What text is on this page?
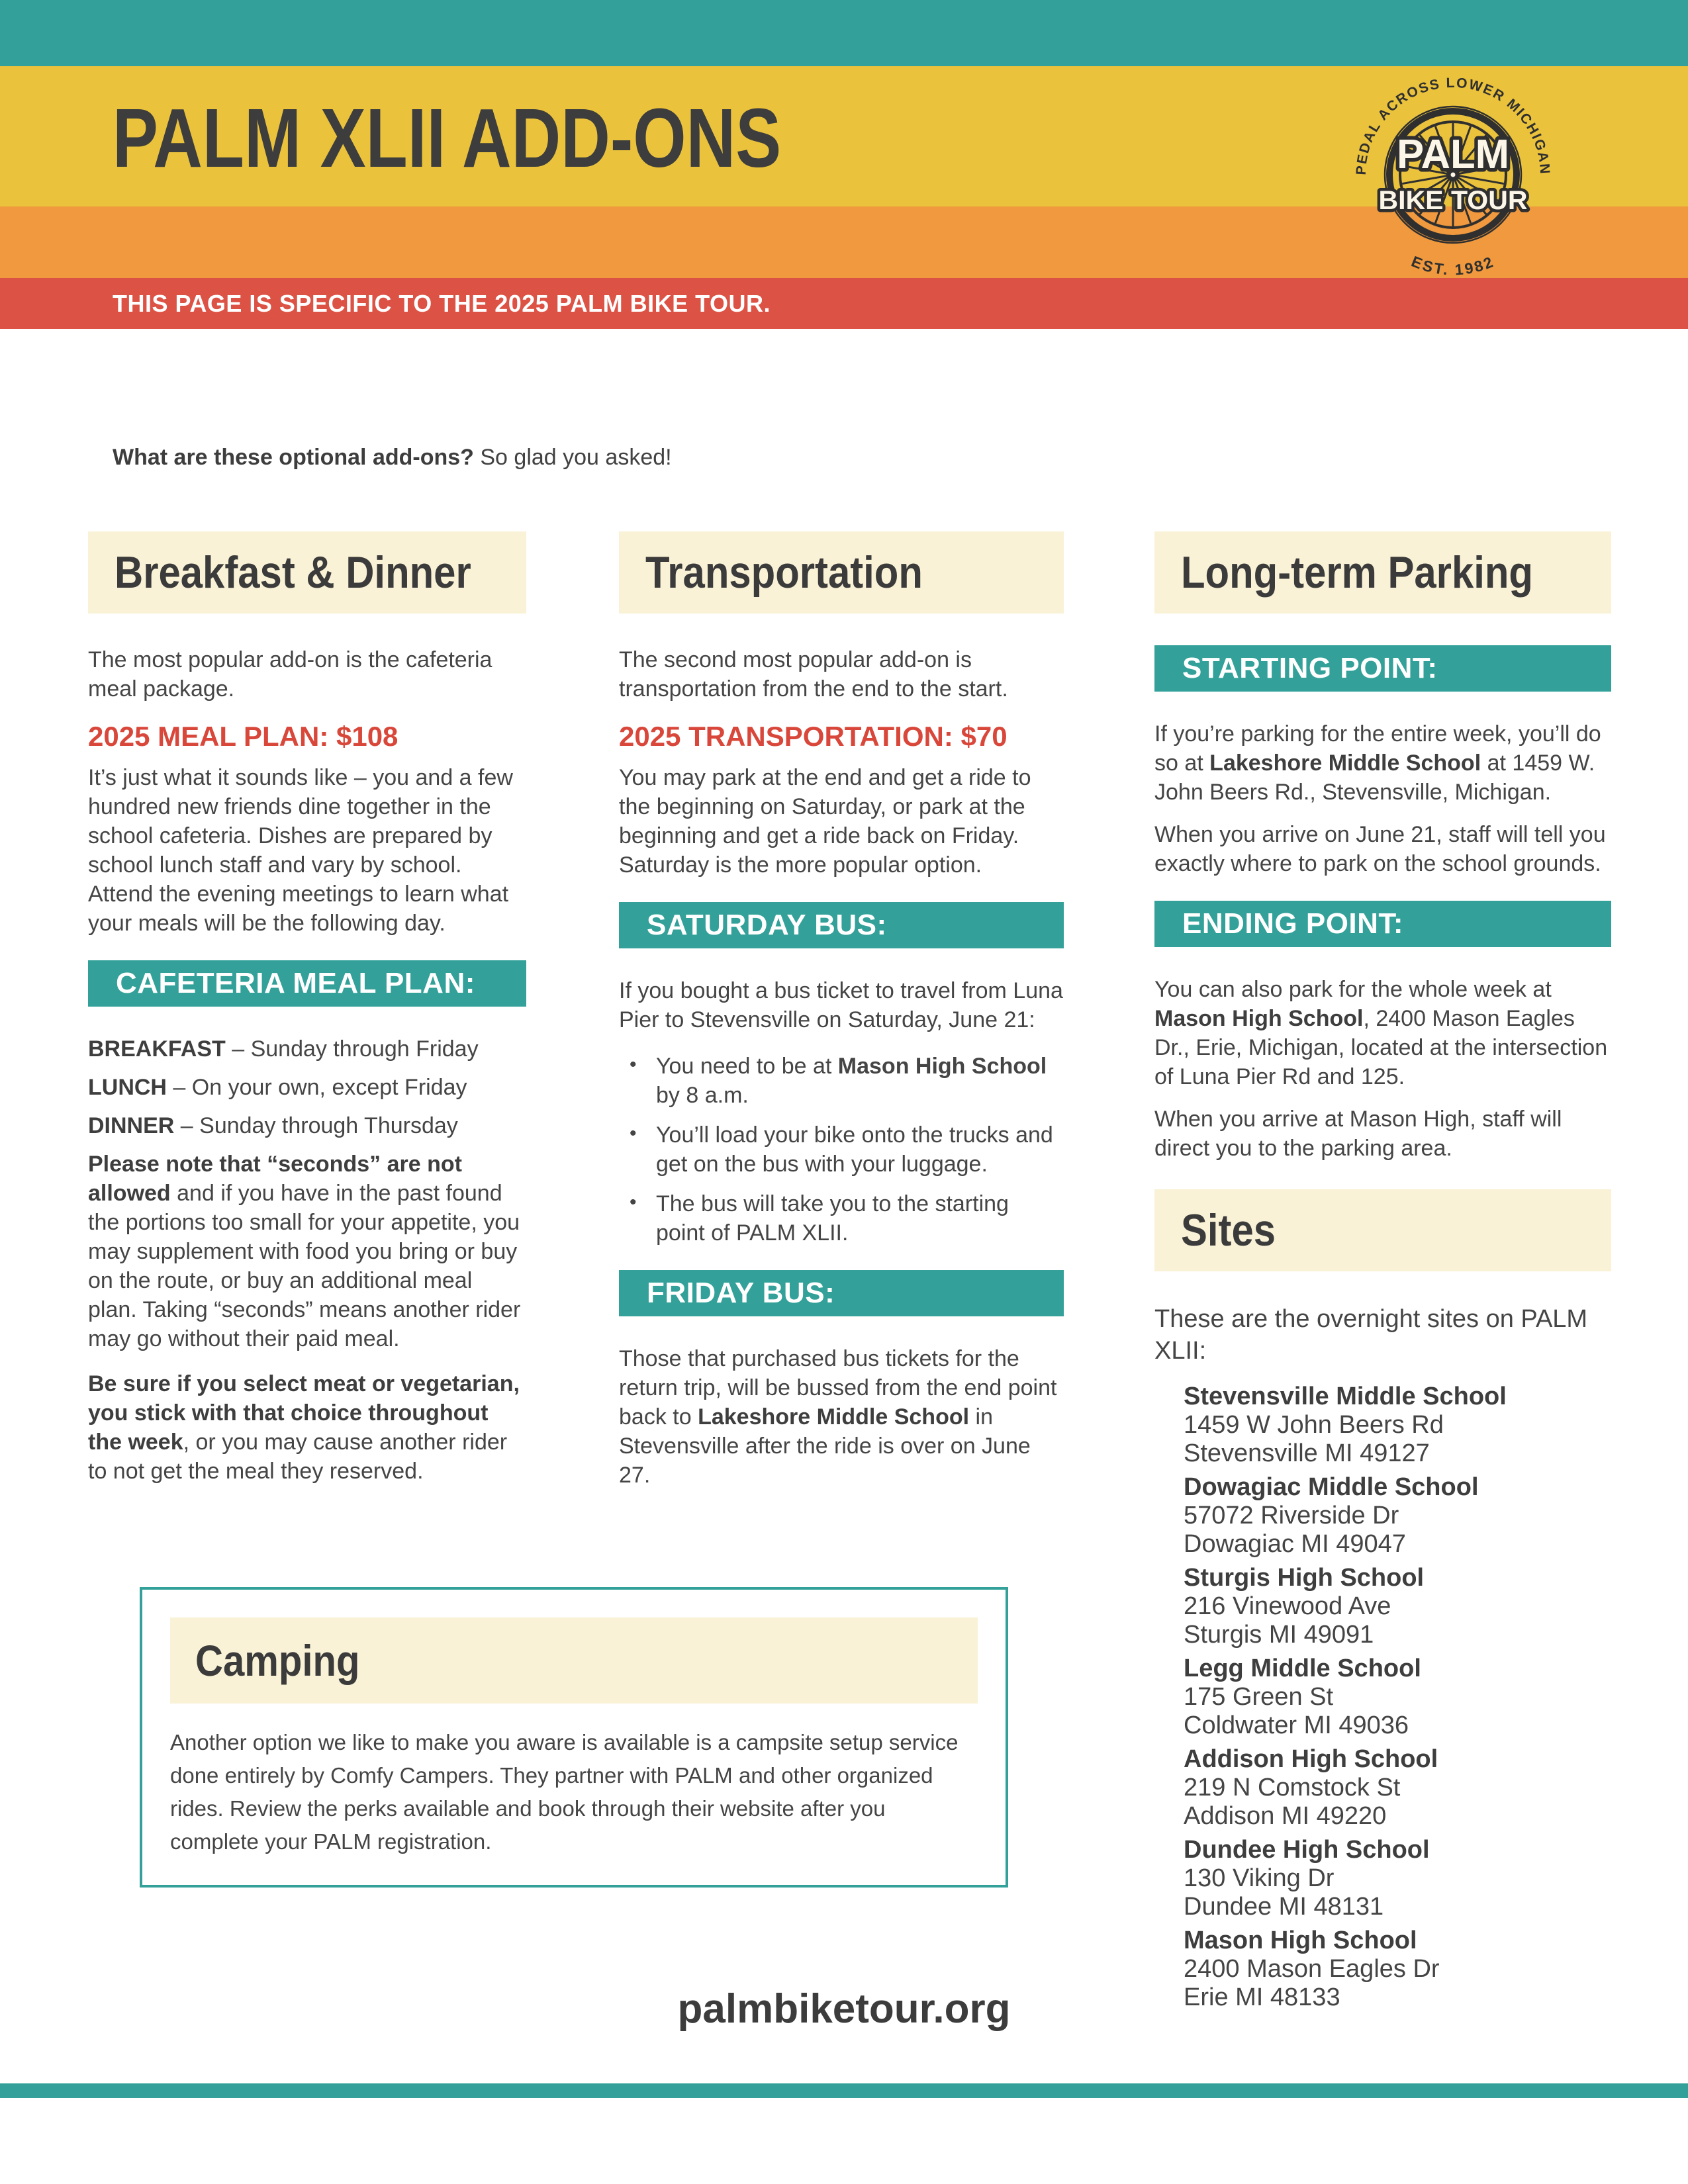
PALM XLII ADD-ONS
THIS PAGE IS SPECIFIC TO THE 2025 PALM BIKE TOUR.
PEDAL ACROSS LOWER MICHIGAN
PALM
BIKE TOUR
EST. 1982

What are these optional add-ons? So glad you asked!

Breakfast & Dinner

The most popular add-on is the cafeteria meal package.

2025 MEAL PLAN: $108

It’s just what it sounds like – you and a few hundred new friends dine together in the school cafeteria. Dishes are prepared by school lunch staff and vary by school. Attend the evening meetings to learn what your meals will be the following day.

CAFETERIA MEAL PLAN:

BREAKFAST – Sunday through Friday

LUNCH – On your own, except Friday

DINNER – Sunday through Thursday

Please note that “seconds” are not allowed and if you have in the past found the portions too small for your appetite, you may supplement with food you bring or buy on the route, or buy an additional meal plan. Taking “seconds” means another rider may go without their paid meal.

Be sure if you select meat or vegetarian, you stick with that choice throughout the week, or you may cause another rider to not get the meal they reserved.

Transportation

The second most popular add-on is transportation from the end to the start.

2025 TRANSPORTATION: $70

You may park at the end and get a ride to the beginning on Saturday, or park at the beginning and get a ride back on Friday. Saturday is the more popular option.

SATURDAY BUS:

If you bought a bus ticket to travel from Luna Pier to Stevensville on Saturday, June 21:

• You need to be at Mason High School by 8 a.m.
• You’ll load your bike onto the trucks and get on the bus with your luggage.
• The bus will take you to the starting point of PALM XLII.
FRIDAY BUS:

Those that purchased bus tickets for the return trip, will be bussed from the end point back to Lakeshore Middle School in Stevensville after the ride is over on June 27.

Long-term Parking
STARTING POINT:

If you’re parking for the entire week, you’ll do so at Lakeshore Middle School at 1459 W. John Beers Rd., Stevensville, Michigan.

When you arrive on June 21, staff will tell you exactly where to park on the school grounds.

ENDING POINT:

You can also park for the whole week at Mason High School, 2400 Mason Eagles Dr., Erie, Michigan, located at the intersection of Luna Pier Rd and 125.

When you arrive at Mason High, staff will direct you to the parking area.

Sites

These are the overnight sites on PALM XLII:

Stevensville Middle School
1459 W John Beers Rd
Stevensville MI 49127
Dowagiac Middle School
57072 Riverside Dr
Dowagiac MI 49047
Sturgis High School
216 Vinewood Ave
Sturgis MI 49091
Legg Middle School
175 Green St
Coldwater MI 49036
Addison High School
219 N Comstock St
Addison MI 49220
Dundee High School
130 Viking Dr
Dundee MI 48131
Mason High School
2400 Mason Eagles Dr
Erie MI 48133
Camping

Another option we like to make you aware is available is a campsite setup service done entirely by Comfy Campers. They partner with PALM and other organized rides. Review the perks available and book through their website after you complete your PALM registration.

palmbiketour.org
